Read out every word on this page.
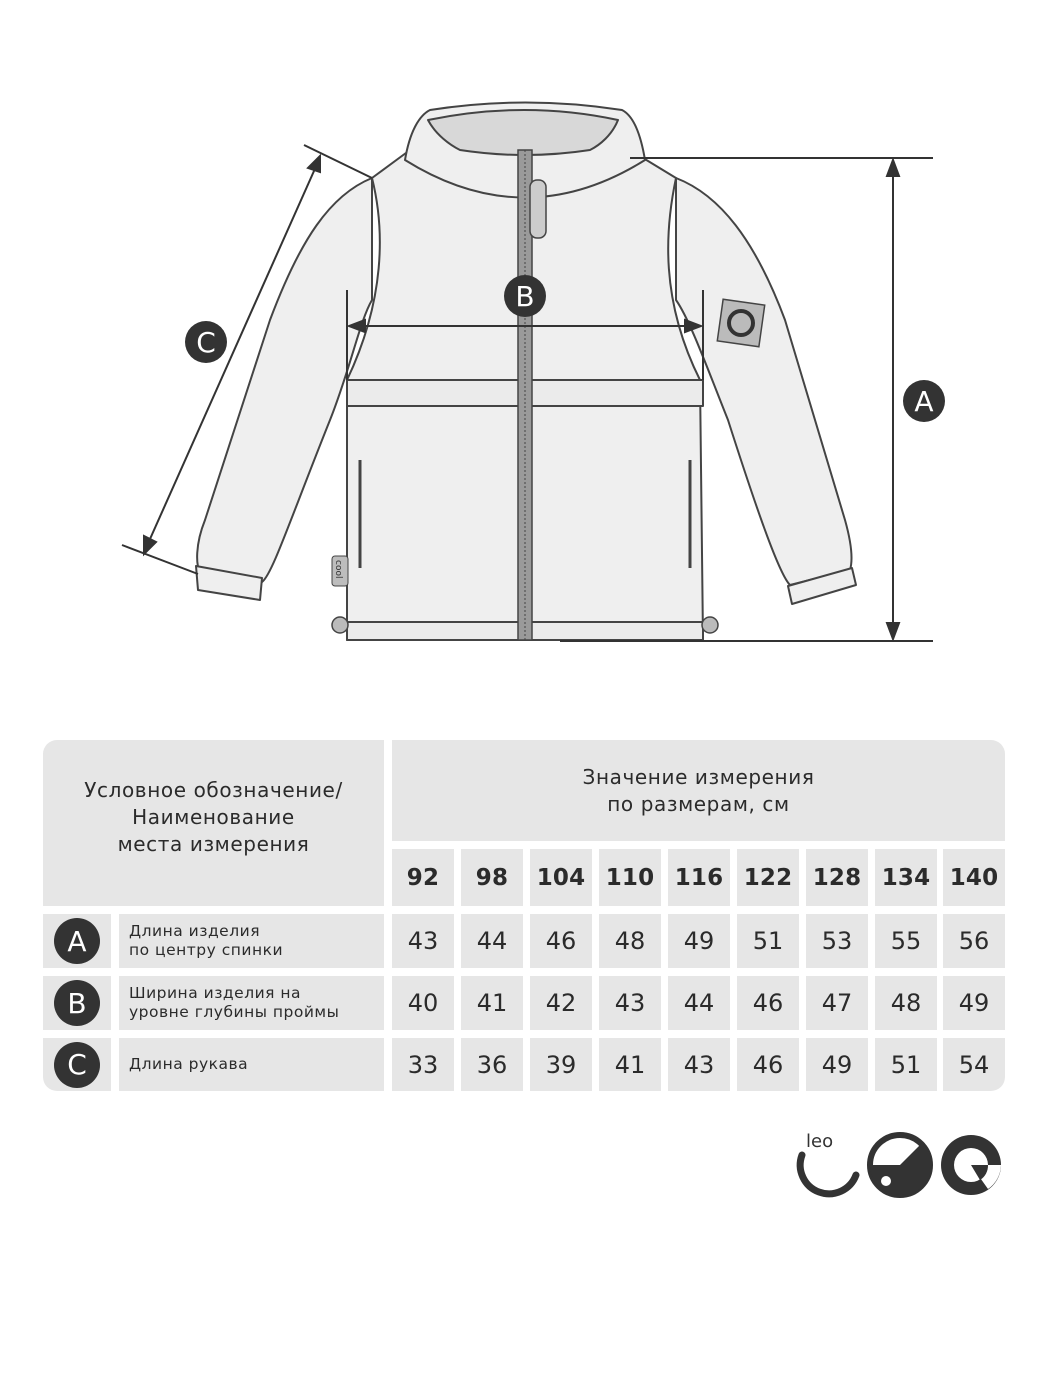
cool
A
B
C
Условное обозначение/
Наименование
места измерения
Значение измерения
по размерам, см
92	98	104 110 116 122 128 134 140
A	Длина изделия
по центру спинки	43	44	46	48	49	51	53	55	56
B	Ширина изделия на
уровне глубины проймы	40	41	42	43	44	46	47	48	49
C	Длина рукава	33	36	39	41	43	46	49	51	54
leo
